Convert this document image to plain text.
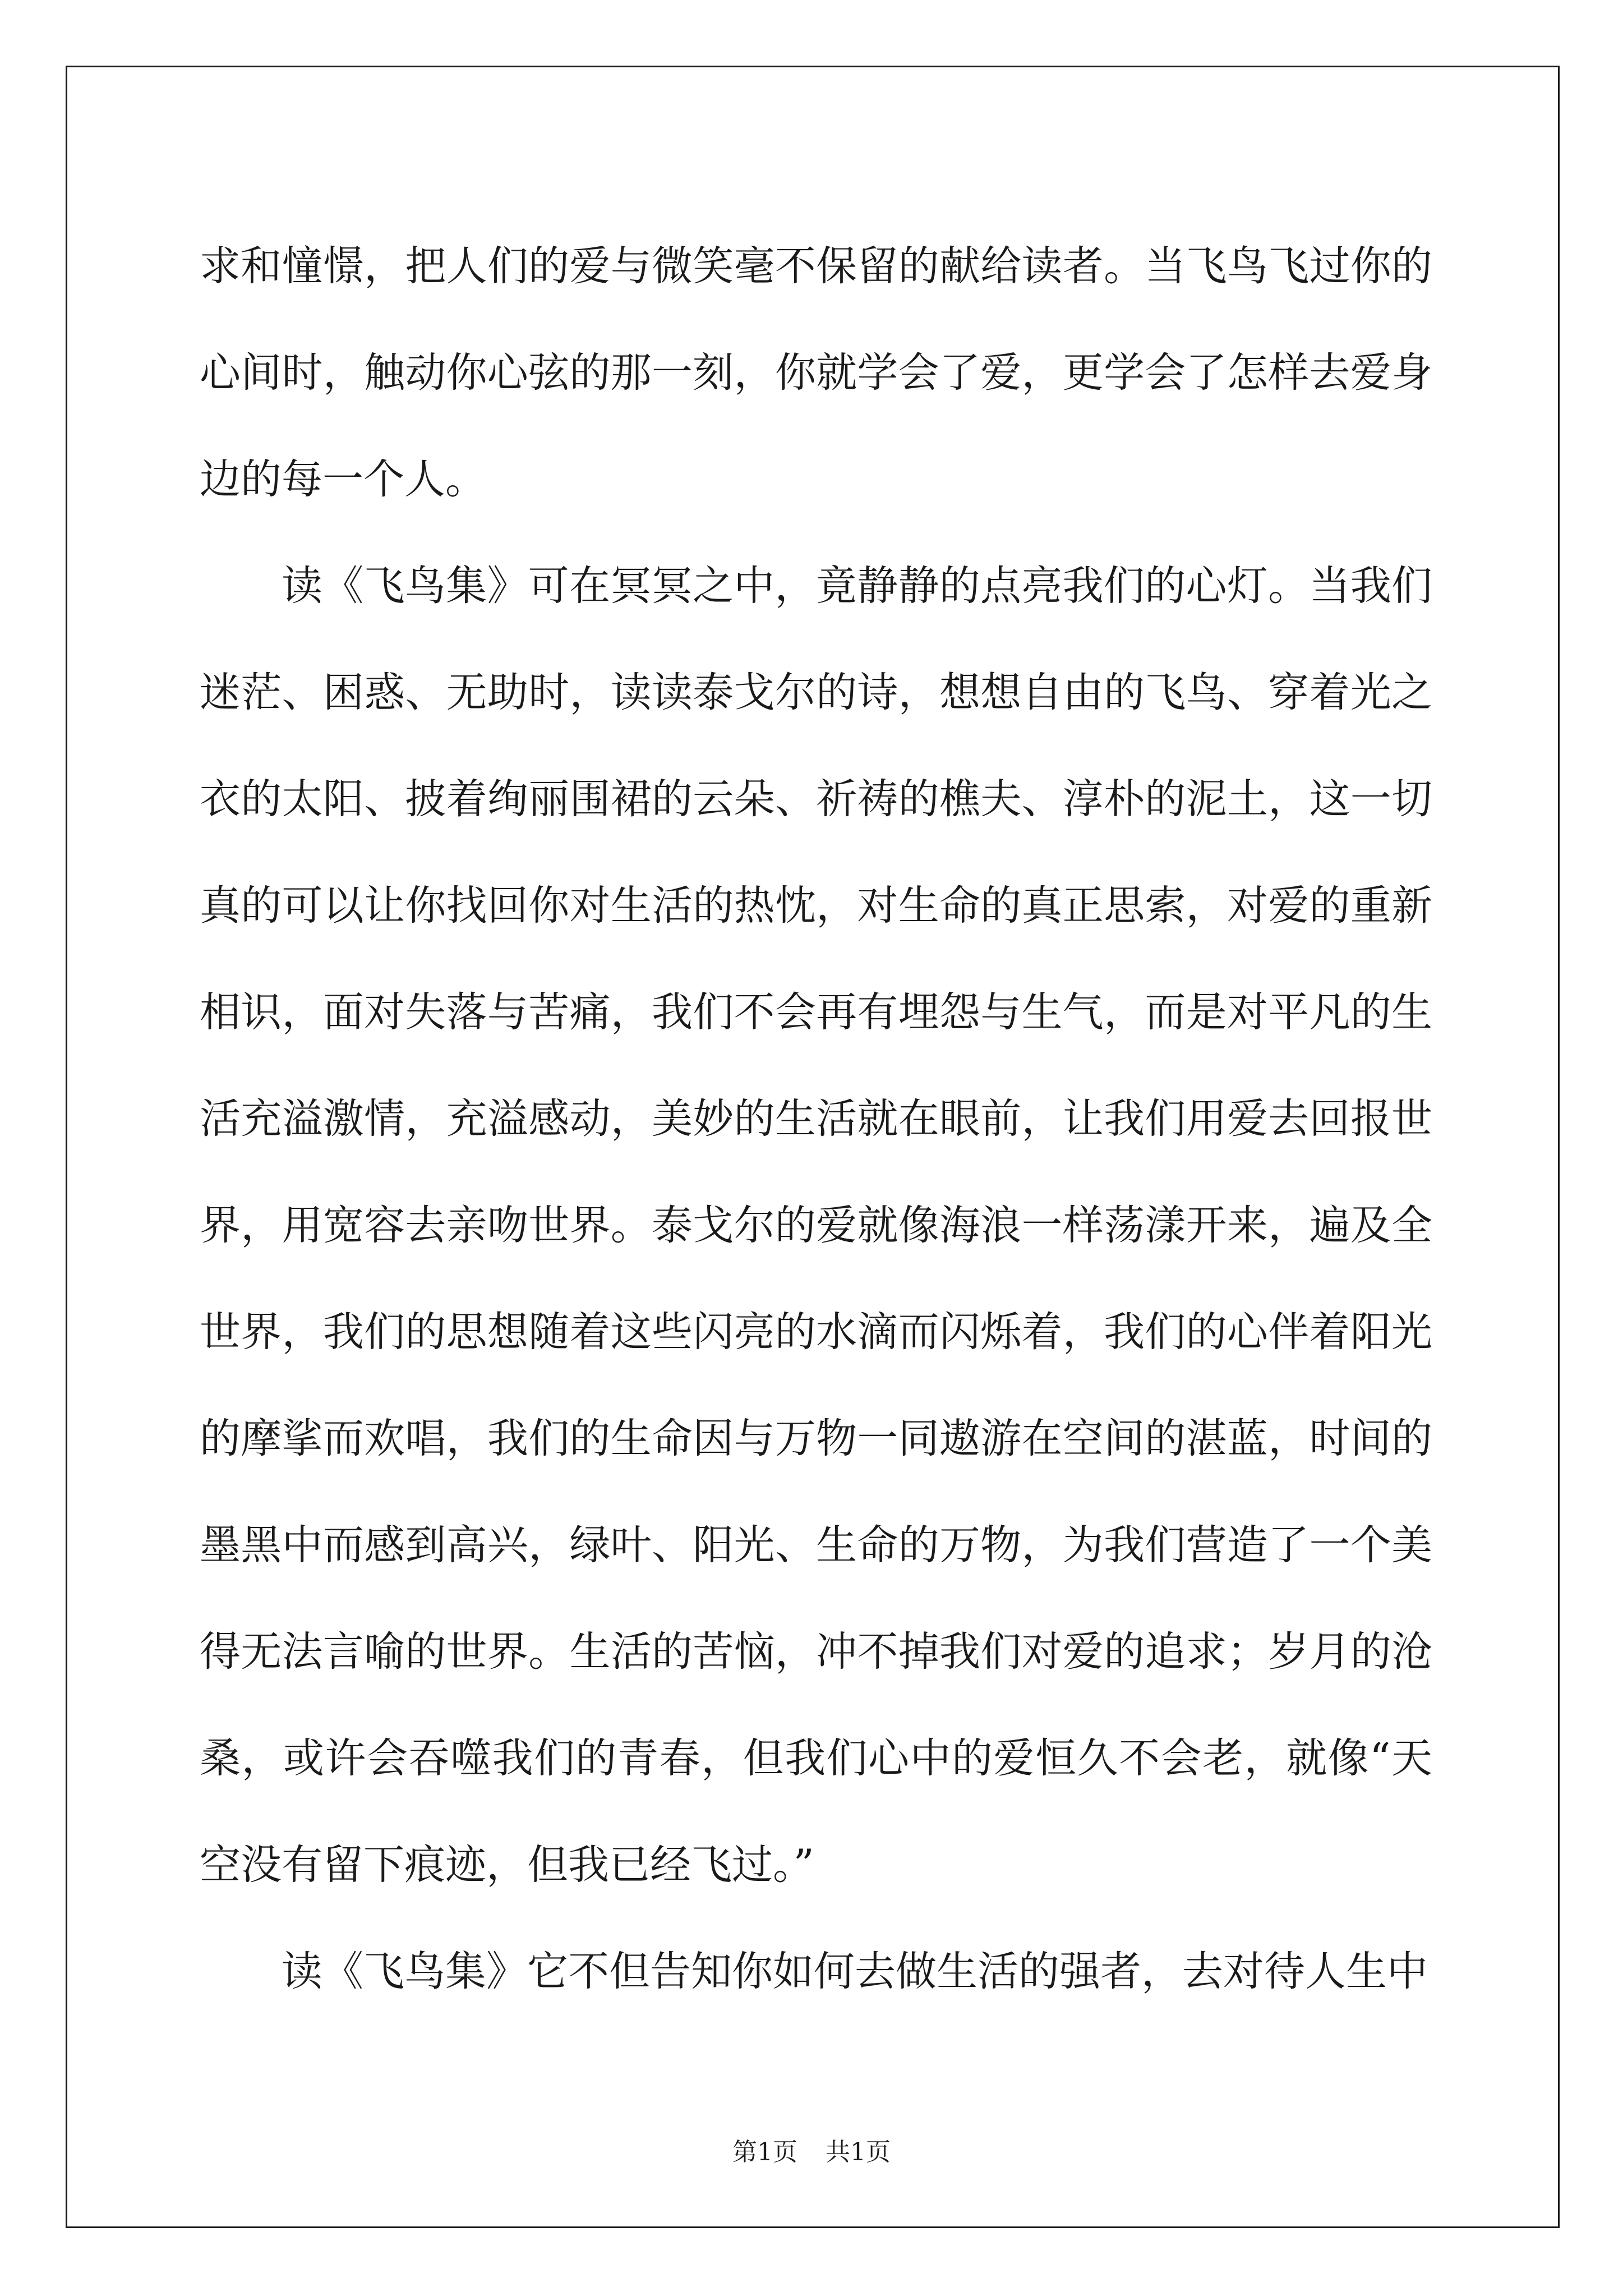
求和憧憬，把人们的爱与微笑毫不保留的献给读者。当飞鸟飞过你的心间时，触动你心弦的那一刻，你就学会了爱，更学会了怎样去爱身边的每一个人。

读《飞鸟集》可在冥冥之中，竟静静的点亮我们的心灯。当我们迷茫、困惑、无助时，读读泰戈尔的诗，想想自由的飞鸟、穿着光之衣的太阳、披着绚丽围裙的云朵、祈祷的樵夫、淳朴的泥土，这一切真的可以让你找回你对生活的热忱，对生命的真正思索，对爱的重新相识，面对失落与苦痛，我们不会再有埋怨与生气，而是对平凡的生活充溢激情，充溢感动，美妙的生活就在眼前，让我们用爱去回报世界，用宽容去亲吻世界。泰戈尔的爱就像海浪一样荡漾开来，遍及全世界，我们的思想随着这些闪亮的水滴而闪烁着，我们的心伴着阳光的摩挲而欢唱，我们的生命因与万物一同遨游在空间的湛蓝，时间的墨黑中而感到高兴，绿叶、阳光、生命的万物，为我们营造了一个美得无法言喻的世界。生活的苦恼，冲不掉我们对爱的追求；岁月的沧桑，或许会吞噬我们的青春，但我们心中的爱恒久不会老，就像“天空没有留下痕迹，但我已经飞过。”

读《飞鸟集》它不但告知你如何去做生活的强者，去对待人生中

第1页 共1页
